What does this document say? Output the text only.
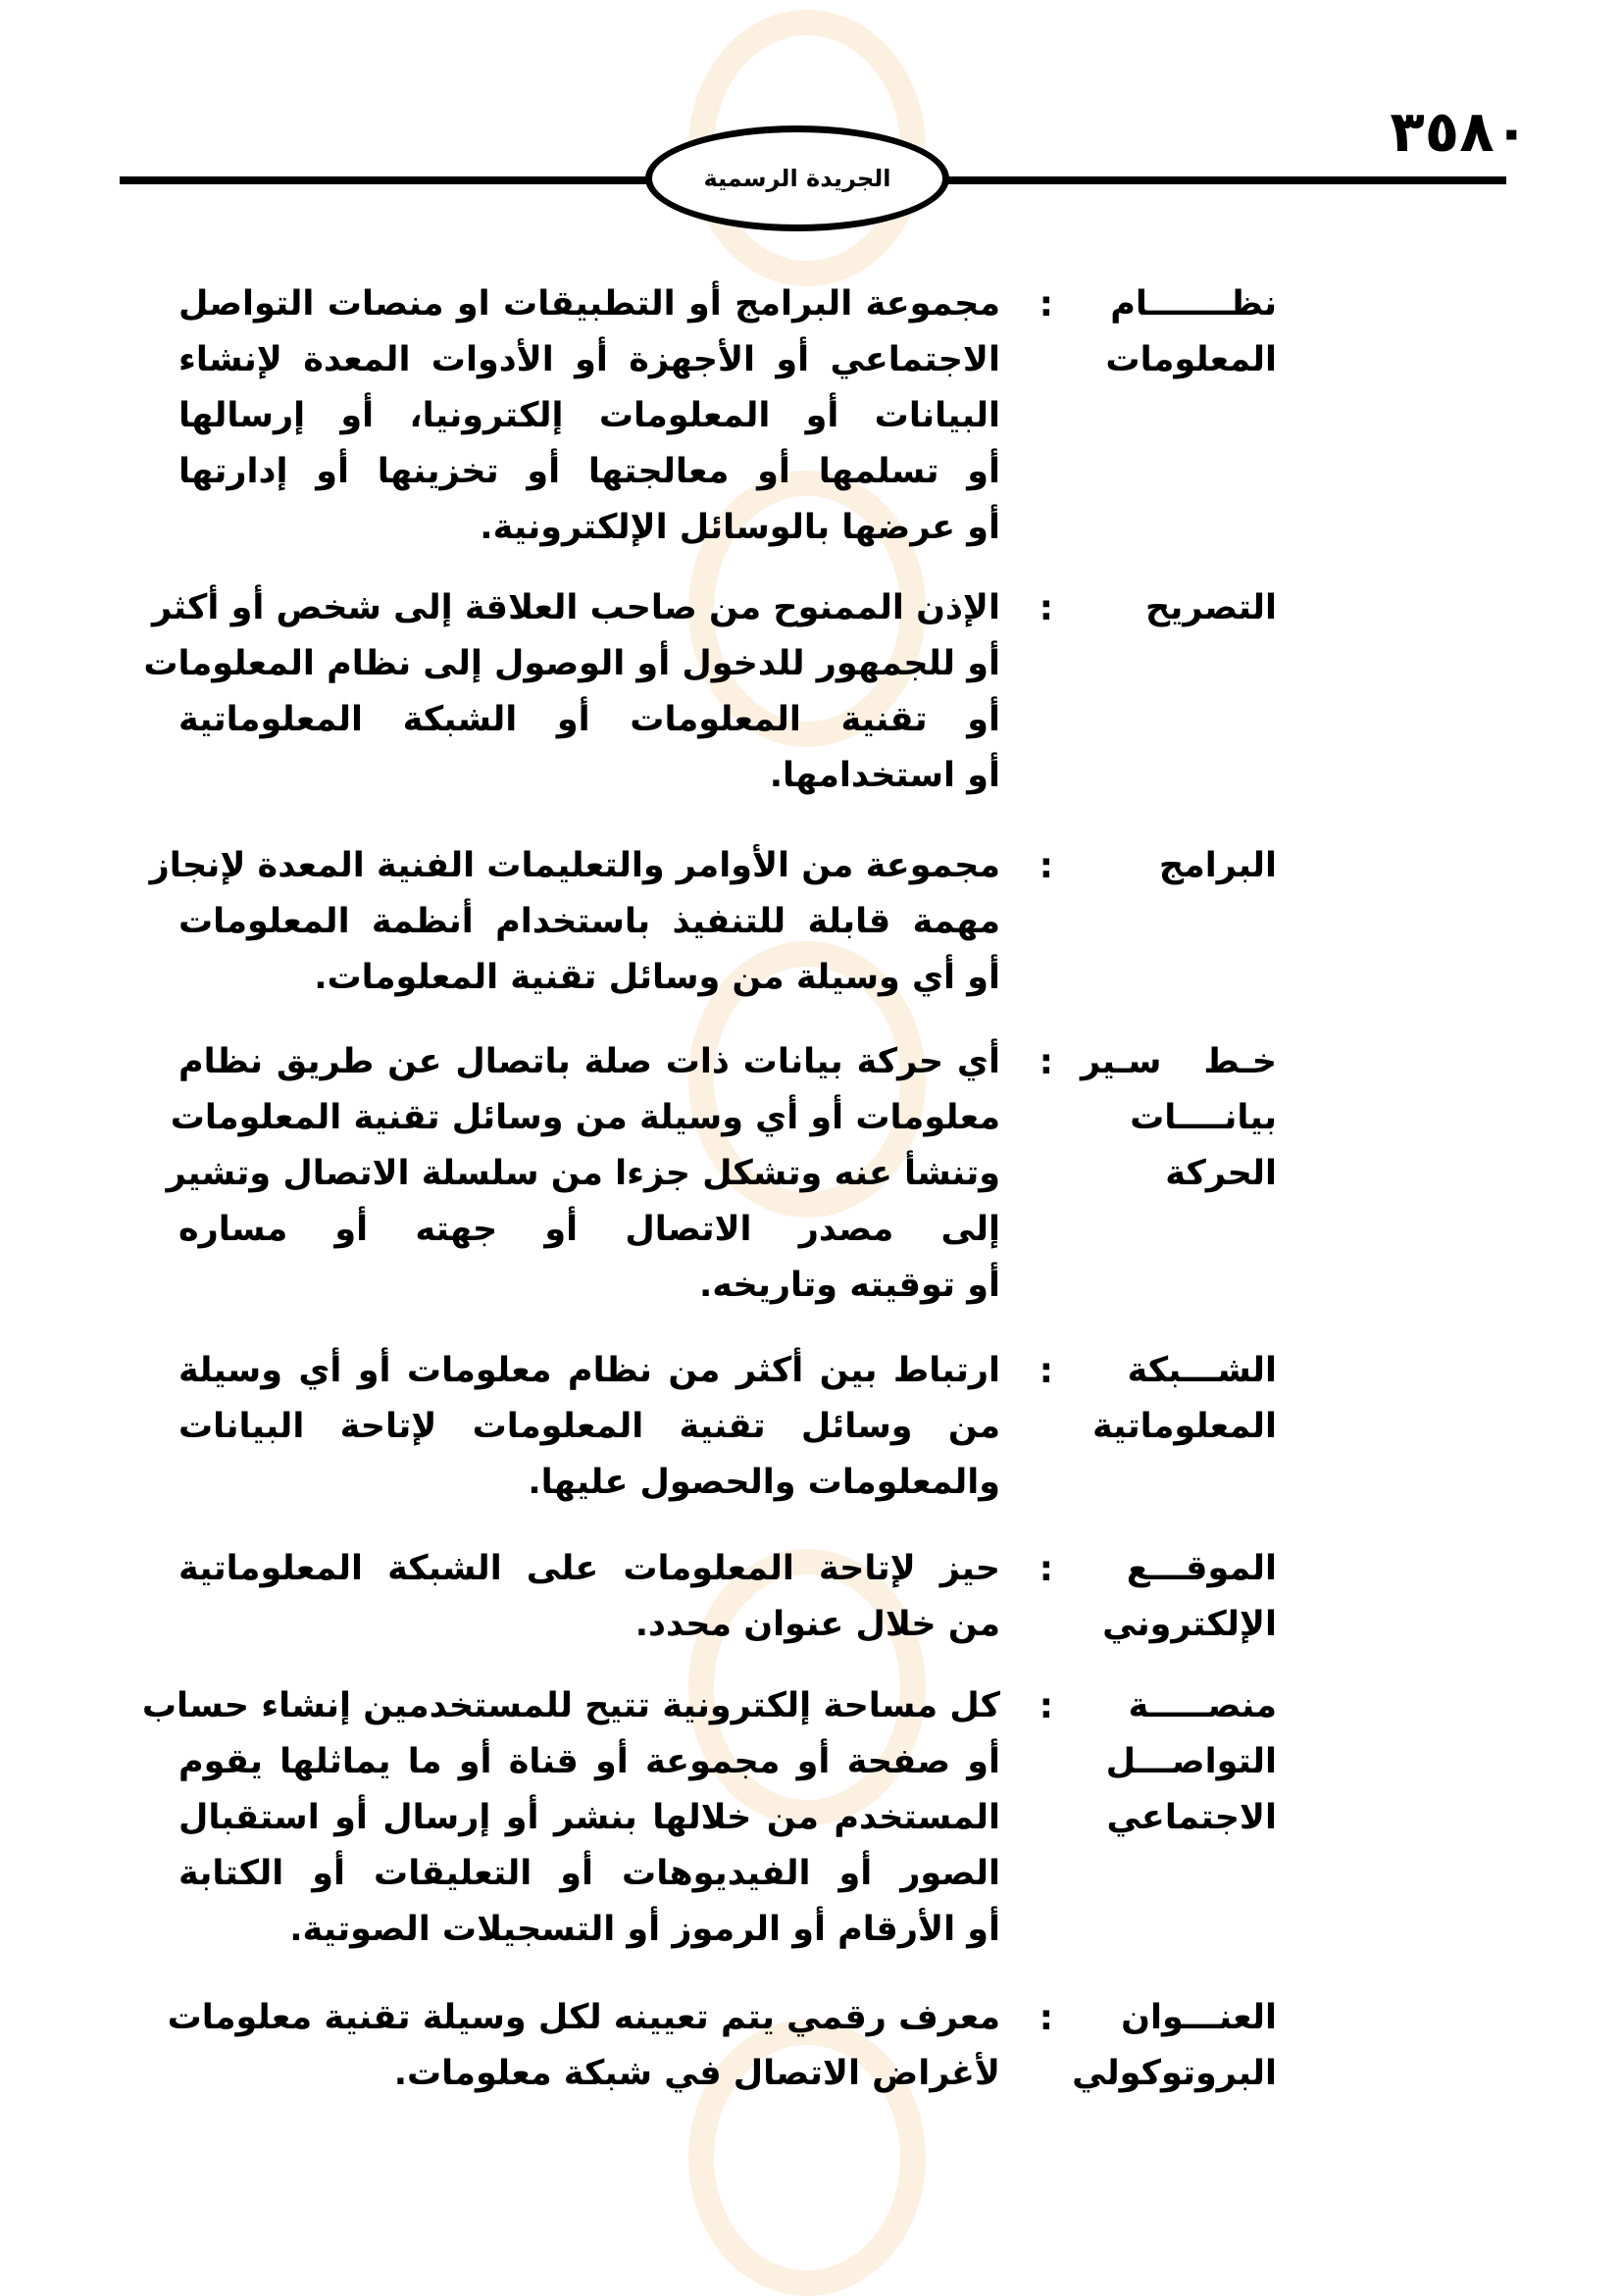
٣٥٨٠
الجريدة الرسمية
نظـــــــام
المعلومات
:
مجموعة البرامج أو التطبيقات او منصات التواصل
الاجتماعي أو الأجهزة أو الأدوات المعدة لإنشاء
البيانات أو المعلومات إلكترونيا، أو إرسالها
أو تسلمها أو معالجتها أو تخزينها أو إدارتها
أو عرضها بالوسائل الإلكترونية.
التصريح
:
الإذن الممنوح من صاحب العلاقة إلى شخص أو أكثر
أو للجمهور للدخول أو الوصول إلى نظام المعلومات
أو تقنية المعلومات أو الشبكة المعلوماتية
أو استخدامها.
البرامج
:
مجموعة من الأوامر والتعليمات الفنية المعدة لإنجاز
مهمة قابلة للتنفيذ باستخدام أنظمة المعلومات
أو أي وسيلة من وسائل تقنية المعلومات.
خـط سـير
بيانــــات
الحركة
:
أي حركة بيانات ذات صلة باتصال عن طريق نظام
معلومات أو أي وسيلة من وسائل تقنية المعلومات
وتنشأ عنه وتشكل جزءا من سلسلة الاتصال وتشير
إلى مصدر الاتصال أو جهته أو مساره
أو توقيته وتاريخه.
الشـــبكة
المعلوماتية
:
ارتباط بين أكثر من نظام معلومات أو أي وسيلة
من وسائل تقنية المعلومات لإتاحة البيانات
والمعلومات والحصول عليها.
الموقـــع
الإلكتروني
:
حيز لإتاحة المعلومات على الشبكة المعلوماتية
من خلال عنوان محدد.
منصـــــة
التواصـــل
الاجتماعي
:
كل مساحة إلكترونية تتيح للمستخدمين إنشاء حساب
أو صفحة أو مجموعة أو قناة أو ما يماثلها يقوم
المستخدم من خلالها بنشر أو إرسال أو استقبال
الصور أو الفيديوهات أو التعليقات أو الكتابة
أو الأرقام أو الرموز أو التسجيلات الصوتية.
العنـــوان
البروتوكولي
:
معرف رقمي يتم تعيينه لكل وسيلة تقنية معلومات
لأغراض الاتصال في شبكة معلومات.
